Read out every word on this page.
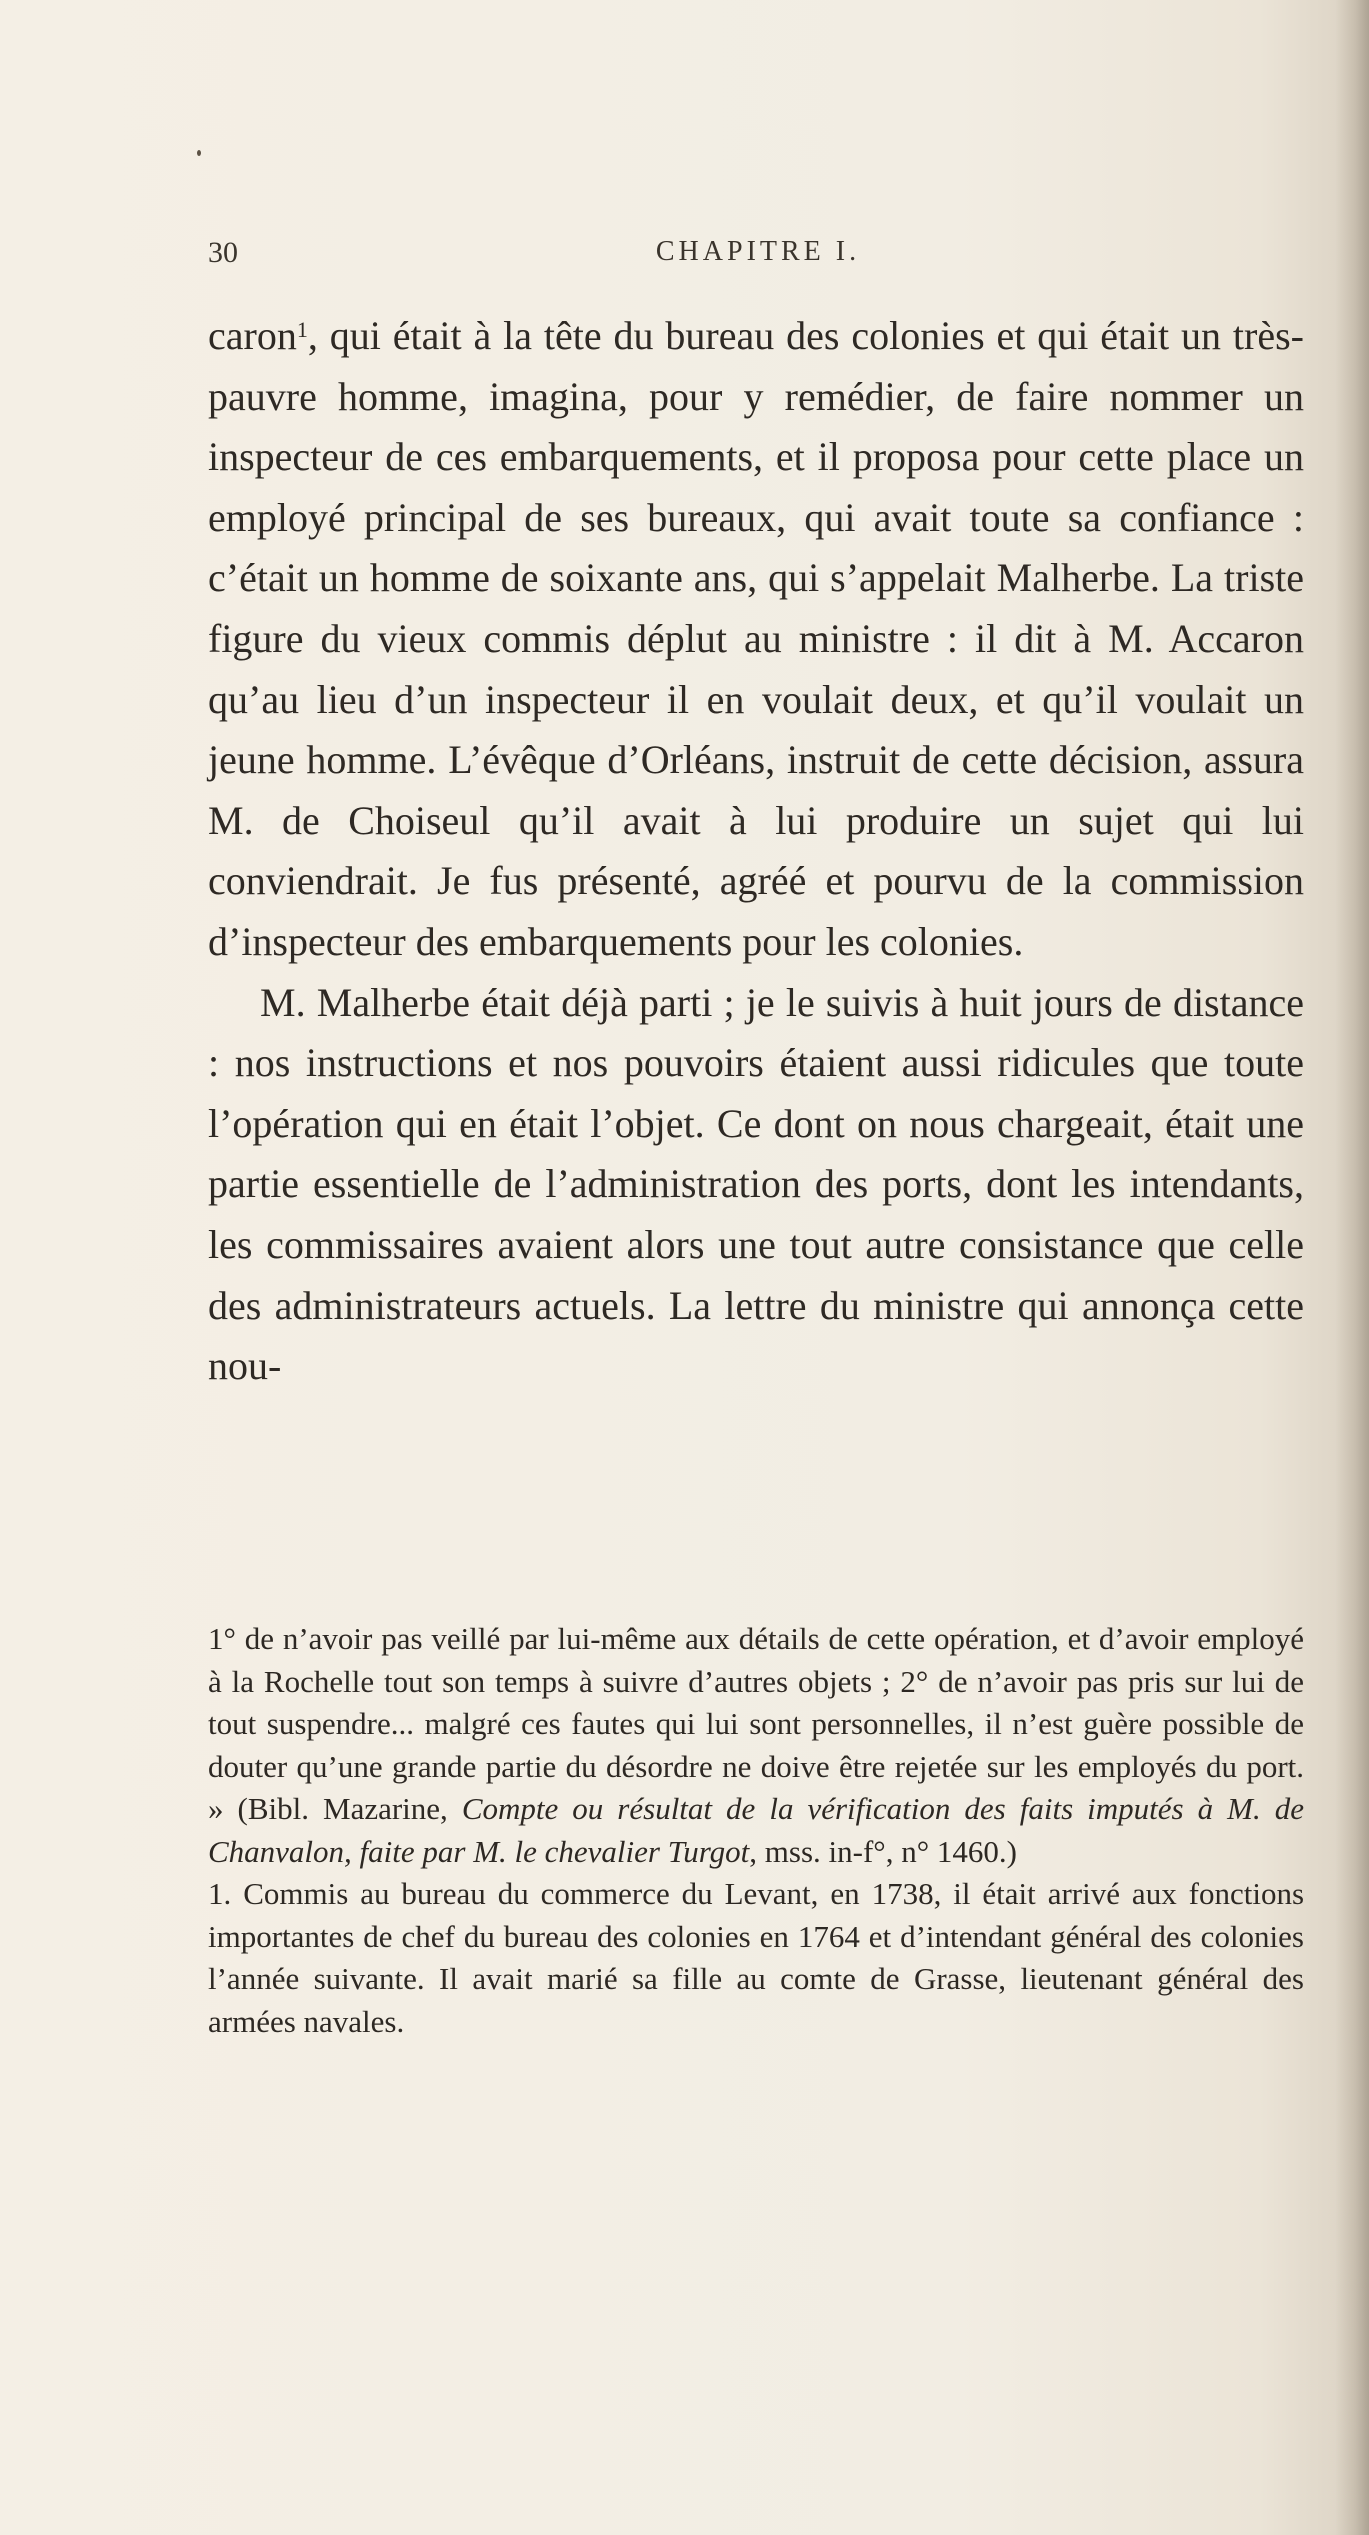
30	CHAPITRE I.

caron$^1$, qui était à la tête du bureau des colonies et qui était un très-pauvre homme, imagina, pour y remédier, de faire nommer un inspecteur de ces embarquements, et il proposa pour cette place un employé principal de ses bureaux, qui avait toute sa confiance : c’était un homme de soixante ans, qui s’appelait Malherbe. La triste figure du vieux commis déplut au ministre : il dit à M. Accaron qu’au lieu d’un inspecteur il en voulait deux, et qu’il voulait un jeune homme. L’évêque d’Orléans, instruit de cette décision, assura M. de Choiseul qu’il avait à lui produire un sujet qui lui conviendrait. Je fus présenté, agréé et pourvu de la commission d’inspecteur des embarquements pour les colonies.

M. Malherbe était déjà parti ; je le suivis à huit jours de distance : nos instructions et nos pouvoirs étaient aussi ridicules que toute l’opération qui en était l’objet. Ce dont on nous chargeait, était une partie essentielle de l’administration des ports, dont les intendants, les commissaires avaient alors une tout autre consistance que celle des administrateurs actuels. La lettre du ministre qui annonça cette nou-

1° de n’avoir pas veillé par lui-même aux détails de cette opération, et d’avoir employé à la Rochelle tout son temps à suivre d’autres objets ; 2° de n’avoir pas pris sur lui de tout suspendre... malgré ces fautes qui lui sont personnelles, il n’est guère possible de douter qu’une grande partie du désordre ne doive être rejetée sur les employés du port. » (Bibl. Mazarine, Compte ou résultat de la vérification des faits imputés à M. de Chanvalon, faite par M. le chevalier Turgot, mss. in-f°, n° 1460.)

1. Commis au bureau du commerce du Levant, en 1738, il était arrivé aux fonctions importantes de chef du bureau des colonies en 1764 et d’intendant général des colonies l’année suivante. Il avait marié sa fille au comte de Grasse, lieutenant général des armées navales.
